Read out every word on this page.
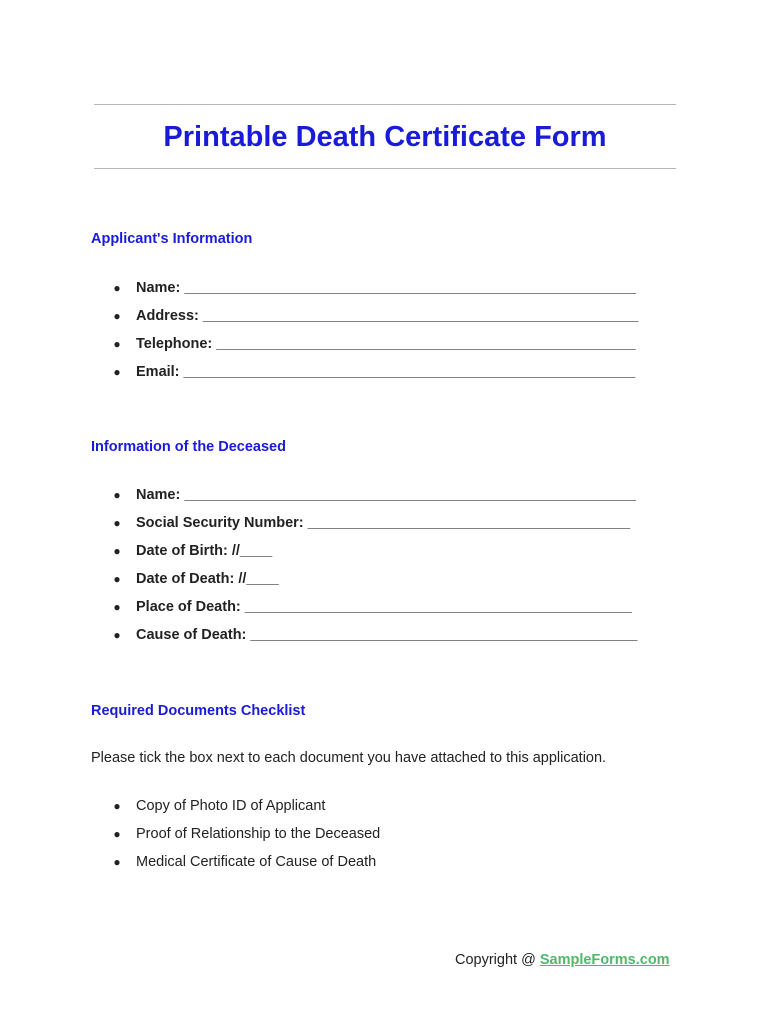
Printable Death Certificate Form
Applicant's Information
● Name: ________________________________________________________
● Address: ______________________________________________________
● Telephone: ____________________________________________________
● Email: ________________________________________________________
Information of the Deceased
● Name: ________________________________________________________
● Social Security Number: ________________________________________
● Date of Birth: //____
● Date of Death: //____
● Place of Death: ________________________________________________
● Cause of Death: ________________________________________________
Required Documents Checklist

Please tick the box next to each document you have attached to this application.

● Copy of Photo ID of Applicant
● Proof of Relationship to the Deceased
● Medical Certificate of Cause of Death
Copyright @ SampleForms.com
